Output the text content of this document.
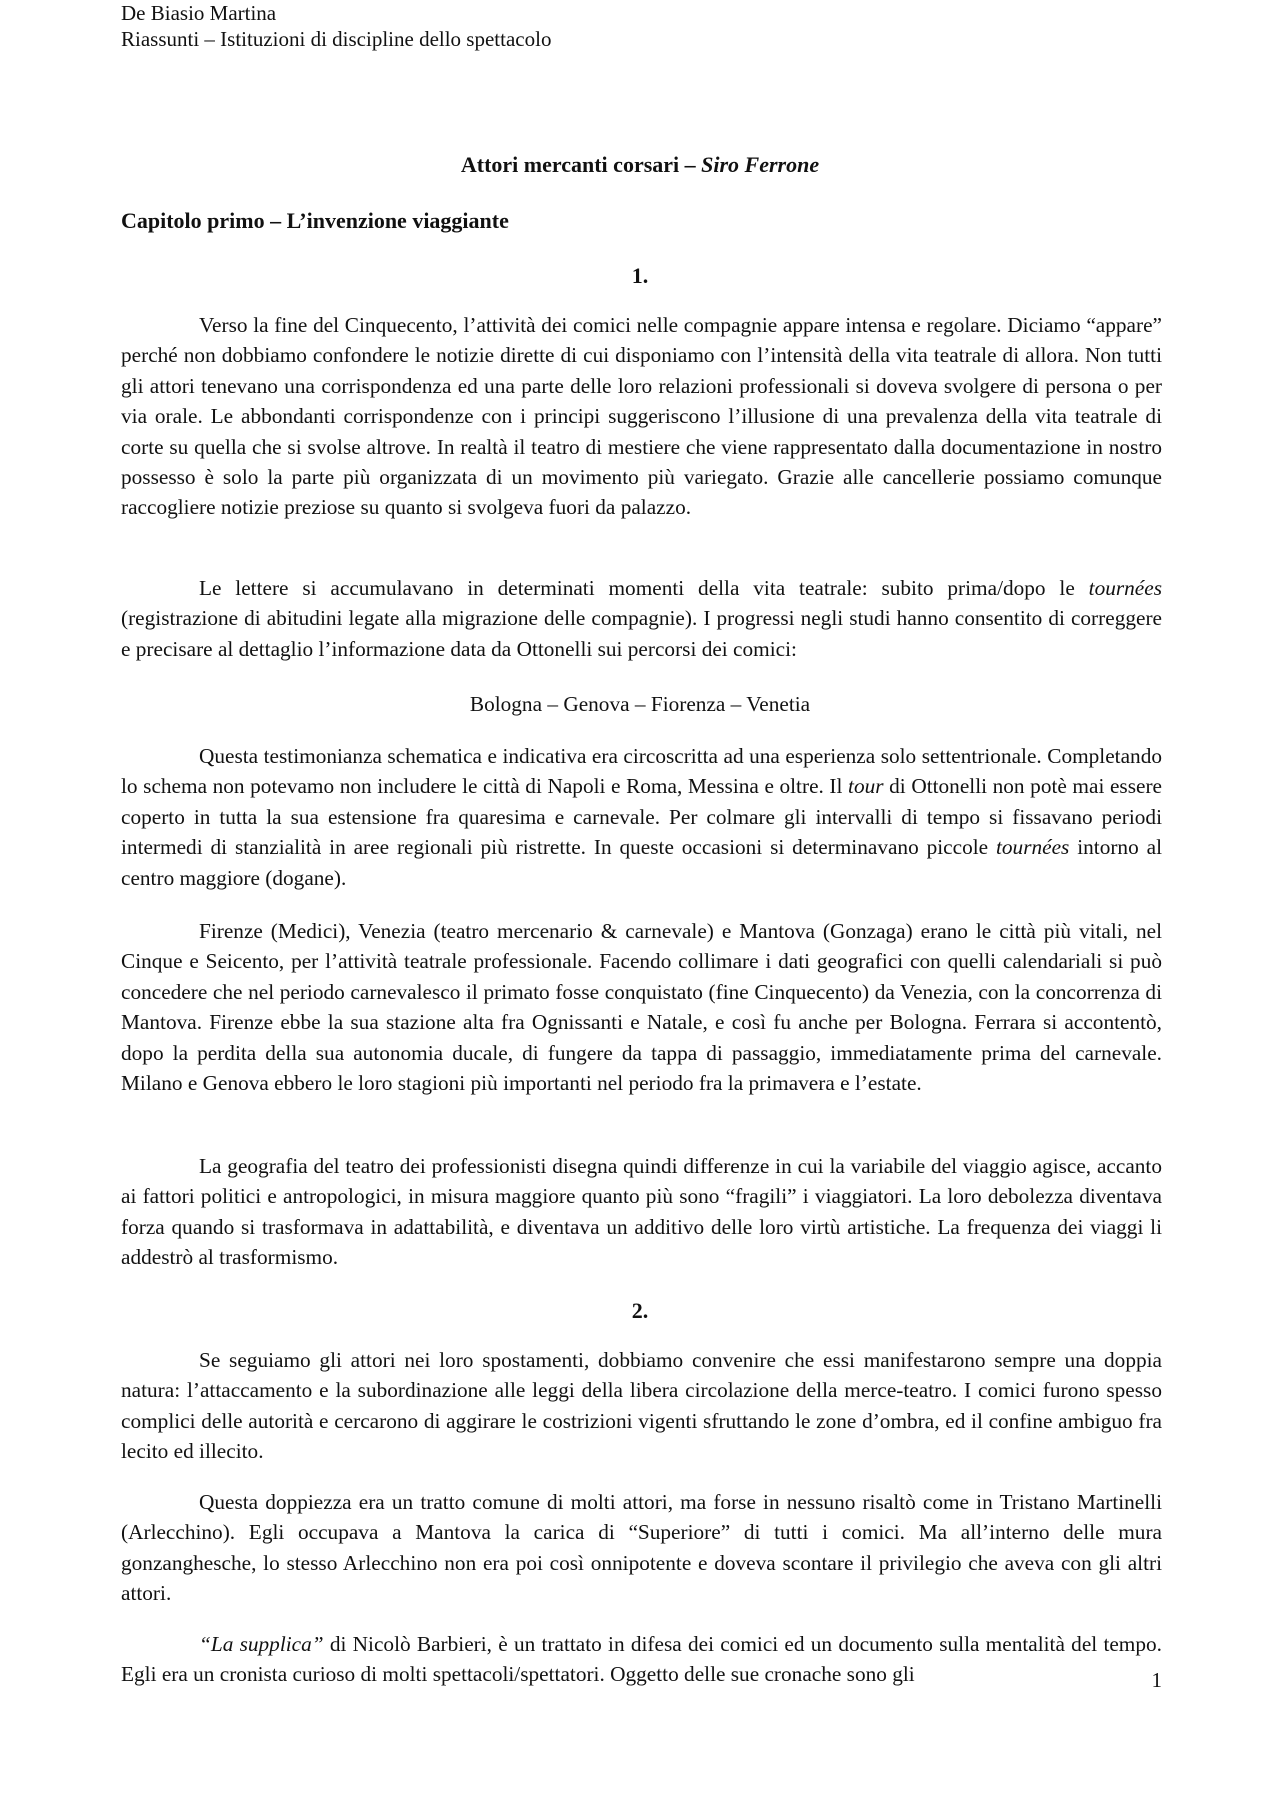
De Biasio Martina
Riassunti – Istituzioni di discipline dello spettacolo
Attori mercanti corsari – Siro Ferrone
Capitolo primo – L’invenzione viaggiante
1.

Verso la fine del Cinquecento, l’attività dei comici nelle compagnie appare intensa e regolare. Diciamo “appare” perché non dobbiamo confondere le notizie dirette di cui disponiamo con l’intensità della vita teatrale di allora. Non tutti gli attori tenevano una corrispondenza ed una parte delle loro relazioni professionali si doveva svolgere di persona o per via orale. Le abbondanti corrispondenze con i principi suggeriscono l’illusione di una prevalenza della vita teatrale di corte su quella che si svolse altrove. In realtà il teatro di mestiere che viene rappresentato dalla documentazione in nostro possesso è solo la parte più organizzata di un movimento più variegato. Grazie alle cancellerie possiamo comunque raccogliere notizie preziose su quanto si svolgeva fuori da palazzo.

Le lettere si accumulavano in determinati momenti della vita teatrale: subito prima/dopo le tournées (registrazione di abitudini legate alla migrazione delle compagnie). I progressi negli studi hanno consentito di correggere e precisare al dettaglio l’informazione data da Ottonelli sui percorsi dei comici:

Bologna – Genova – Fiorenza – Venetia

Questa testimonianza schematica e indicativa era circoscritta ad una esperienza solo settentrionale. Completando lo schema non potevamo non includere le città di Napoli e Roma, Messina e oltre. Il tour di Ottonelli non potè mai essere coperto in tutta la sua estensione fra quaresima e carnevale. Per colmare gli intervalli di tempo si fissavano periodi intermedi di stanzialità in aree regionali più ristrette. In queste occasioni si determinavano piccole tournées intorno al centro maggiore (dogane).

Firenze (Medici), Venezia (teatro mercenario & carnevale) e Mantova (Gonzaga) erano le città più vitali, nel Cinque e Seicento, per l’attività teatrale professionale. Facendo collimare i dati geografici con quelli calendariali si può concedere che nel periodo carnevalesco il primato fosse conquistato (fine Cinquecento) da Venezia, con la concorrenza di Mantova. Firenze ebbe la sua stazione alta fra Ognissanti e Natale, e così fu anche per Bologna. Ferrara si accontentò, dopo la perdita della sua autonomia ducale, di fungere da tappa di passaggio, immediatamente prima del carnevale. Milano e Genova ebbero le loro stagioni più importanti nel periodo fra la primavera e l’estate.

La geografia del teatro dei professionisti disegna quindi differenze in cui la variabile del viaggio agisce, accanto ai fattori politici e antropologici, in misura maggiore quanto più sono “fragili” i viaggiatori. La loro debolezza diventava forza quando si trasformava in adattabilità, e diventava un additivo delle loro virtù artistiche. La frequenza dei viaggi li addestrò al trasformismo.

2.

Se seguiamo gli attori nei loro spostamenti, dobbiamo convenire che essi manifestarono sempre una doppia natura: l’attaccamento e la subordinazione alle leggi della libera circolazione della merce-teatro. I comici furono spesso complici delle autorità e cercarono di aggirare le costrizioni vigenti sfruttando le zone d’ombra, ed il confine ambiguo fra lecito ed illecito.

Questa doppiezza era un tratto comune di molti attori, ma forse in nessuno risaltò come in Tristano Martinelli (Arlecchino). Egli occupava a Mantova la carica di “Superiore” di tutti i comici. Ma all’interno delle mura gonzanghesche, lo stesso Arlecchino non era poi così onnipotente e doveva scontare il privilegio che aveva con gli altri attori.

“La supplica” di Nicolò Barbieri, è un trattato in difesa dei comici ed un documento sulla mentalità del tempo. Egli era un cronista curioso di molti spettacoli/spettatori. Oggetto delle sue cronache sono gli	1
